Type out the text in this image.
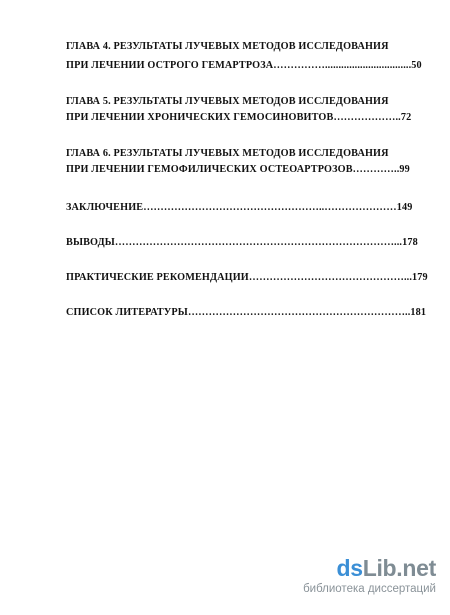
ГЛАВА 4. РЕЗУЛЬТАТЫ ЛУЧЕВЫХ МЕТОДОВ ИССЛЕДОВАНИЯ
ПРИ ЛЕЧЕНИИ ОСТРОГО ГЕМАРТРОЗА……………................................50
ГЛАВА 5. РЕЗУЛЬТАТЫ ЛУЧЕВЫХ МЕТОДОВ ИССЛЕДОВАНИЯ
ПРИ ЛЕЧЕНИИ ХРОНИЧЕСКИХ ГЕМОСИНОВИТОВ………………..72
ГЛАВА 6. РЕЗУЛЬТАТЫ ЛУЧЕВЫХ МЕТОДОВ ИССЛЕДОВАНИЯ
ПРИ ЛЕЧЕНИИ ГЕМОФИЛИЧЕСКИХ ОСТЕОАРТРОЗОВ…………..99
ЗАКЛЮЧЕНИЕ……………………………………………..…………………149
ВЫВОДЫ………………………………………………………………………...178
ПРАКТИЧЕСКИЕ РЕКОМЕНДАЦИИ………………………………………...179
СПИСОК ЛИТЕРАТУРЫ………………………………………………………..181
dsLib.net
библиотека диссертаций
